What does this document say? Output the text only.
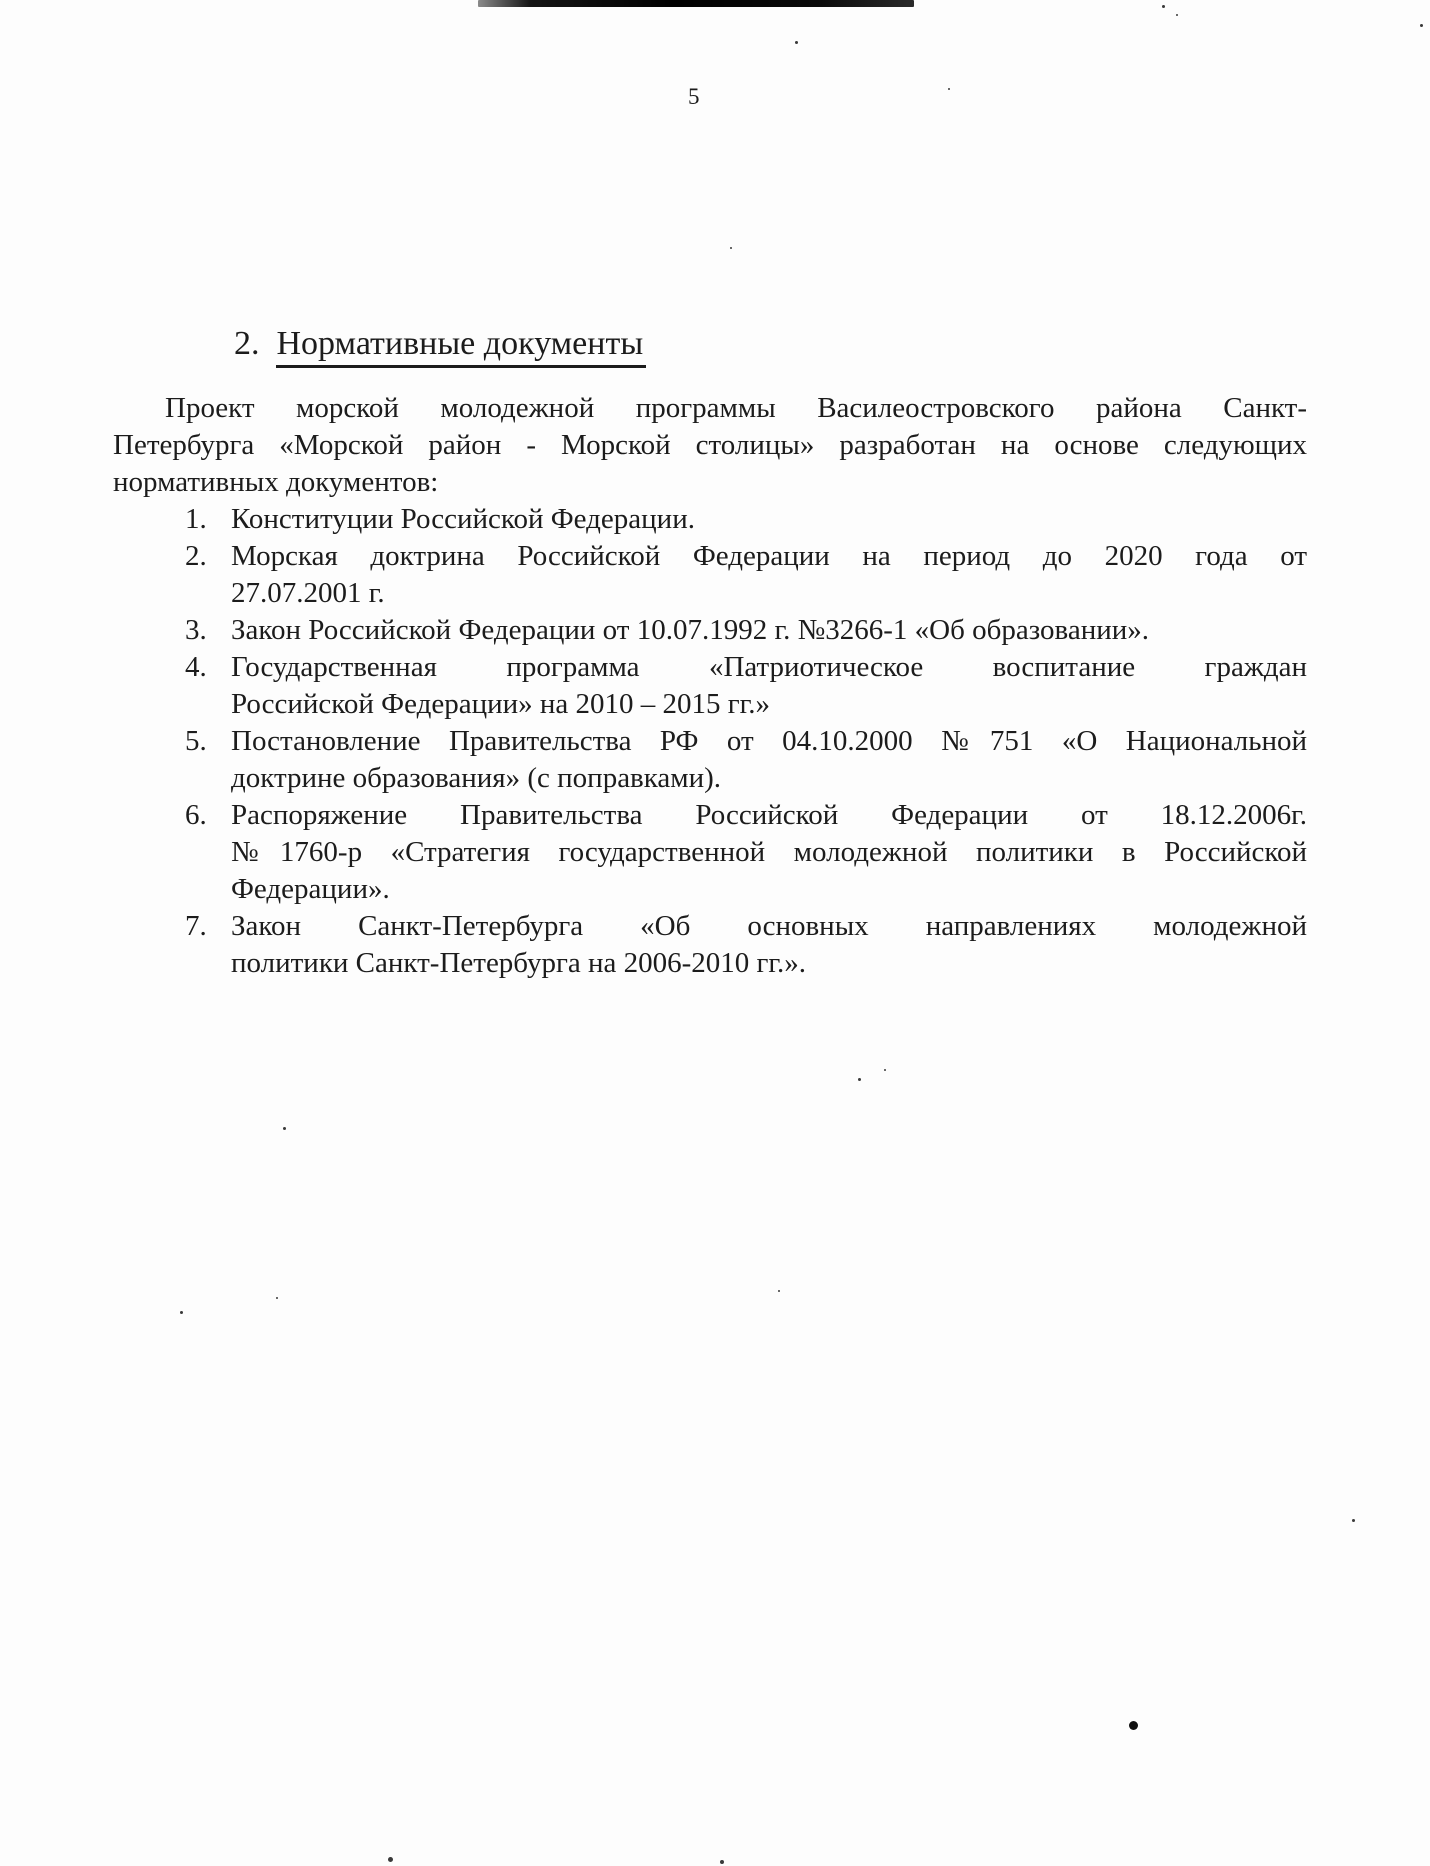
5
2. Нормативные документы
Проект морской молодежной программы Василеостровского района Санкт-
Петербурга «Морской район - Морской столицы» разработан на основе следующих
нормативных документов:
1. Конституции Российской Федерации.
2. Морская доктрина Российской Федерации на период до 2020 года от
27.07.2001 г.
3. Закон Российской Федерации от 10.07.1992 г. №3266-1 «Об образовании».
4. Государственная программа «Патриотическое воспитание граждан
Российской Федерации» на 2010 – 2015 гг.»
5. Постановление Правительства РФ от 04.10.2000 №751 «О Национальной
доктрине образования» (с поправками).
6. Распоряжение Правительства Российской Федерации от 18.12.2006г.
№1760-р «Стратегия государственной молодежной политики в Российской
Федерации».
7. Закон Санкт-Петербурга «Об основных направлениях молодежной
политики Санкт-Петербурга на 2006-2010 гг.».
